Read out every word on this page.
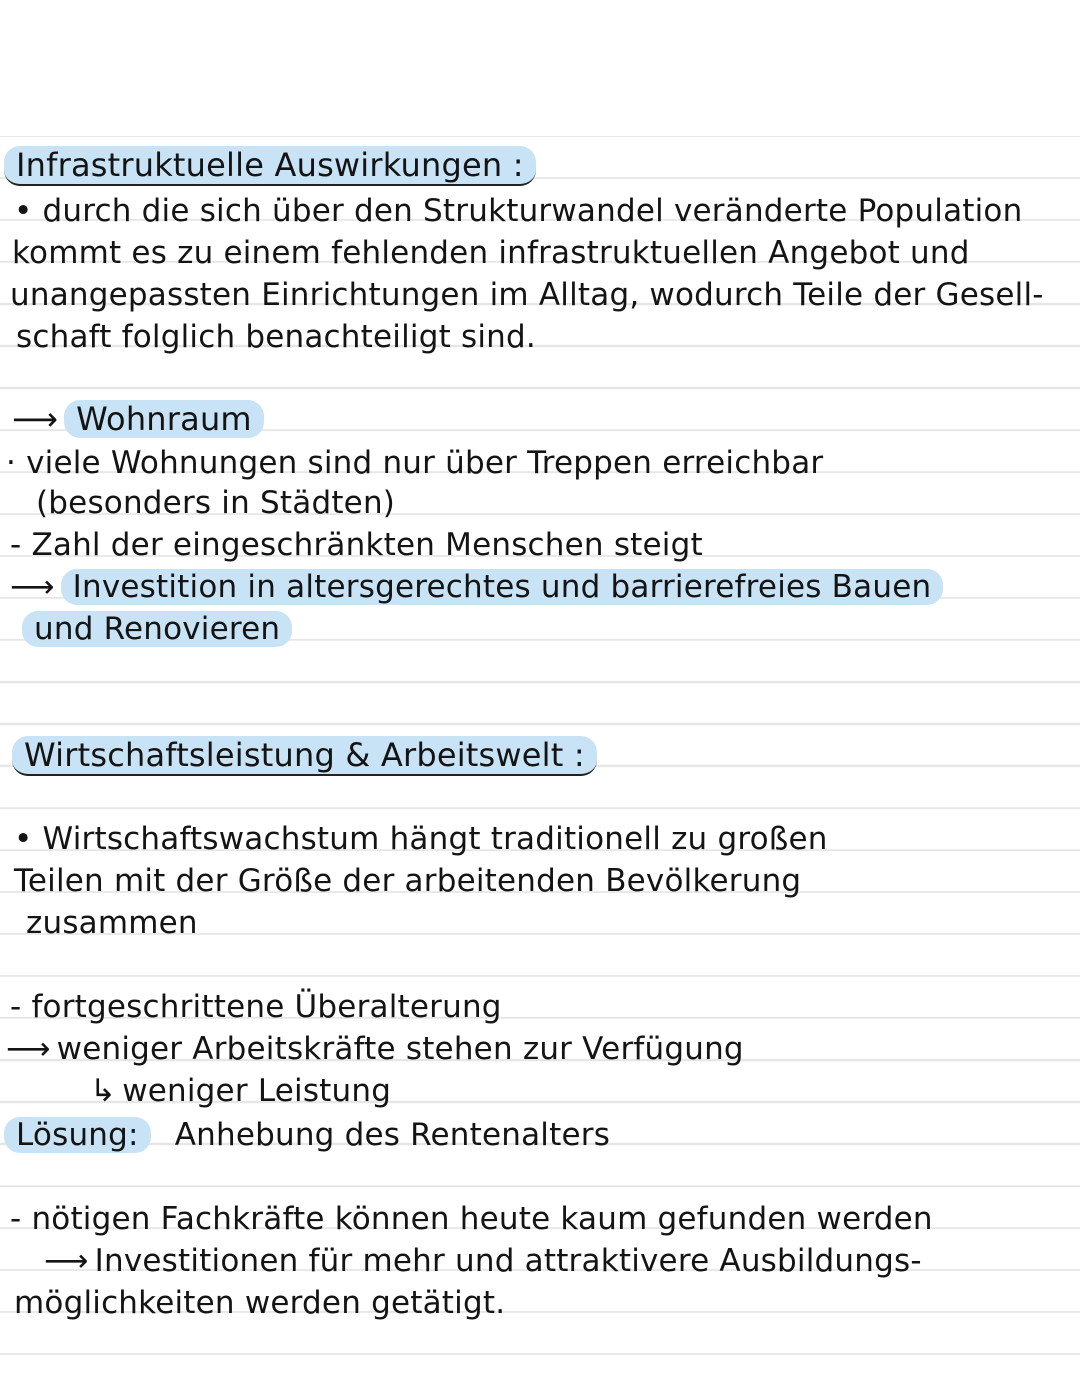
Infrastruktuelle Auswirkungen :
• durch die sich über den Strukturwandel veränderte Population
kommt es zu einem fehlenden infrastruktuellen Angebot und
unangepassten Einrichtungen im Alltag, wodurch Teile der Gesell-
schaft folglich benachteiligt sind.
⟶ Wohnraum
· viele Wohnungen sind nur über Treppen erreichbar
(besonders in Städten)
- Zahl der eingeschränkten Menschen steigt
⟶ Investition in altersgerechtes und barrierefreies Bauen
und Renovieren
Wirtschaftsleistung & Arbeitswelt :
• Wirtschaftswachstum hängt traditionell zu großen
Teilen mit der Größe der arbeitenden Bevölkerung
zusammen
- fortgeschrittene Überalterung
⟶ weniger Arbeitskräfte stehen zur Verfügung
↳ weniger Leistung
Lösung: Anhebung des Rentenalters
- nötigen Fachkräfte können heute kaum gefunden werden
⟶ Investitionen für mehr und attraktivere Ausbildungs-
möglichkeiten werden getätigt.
